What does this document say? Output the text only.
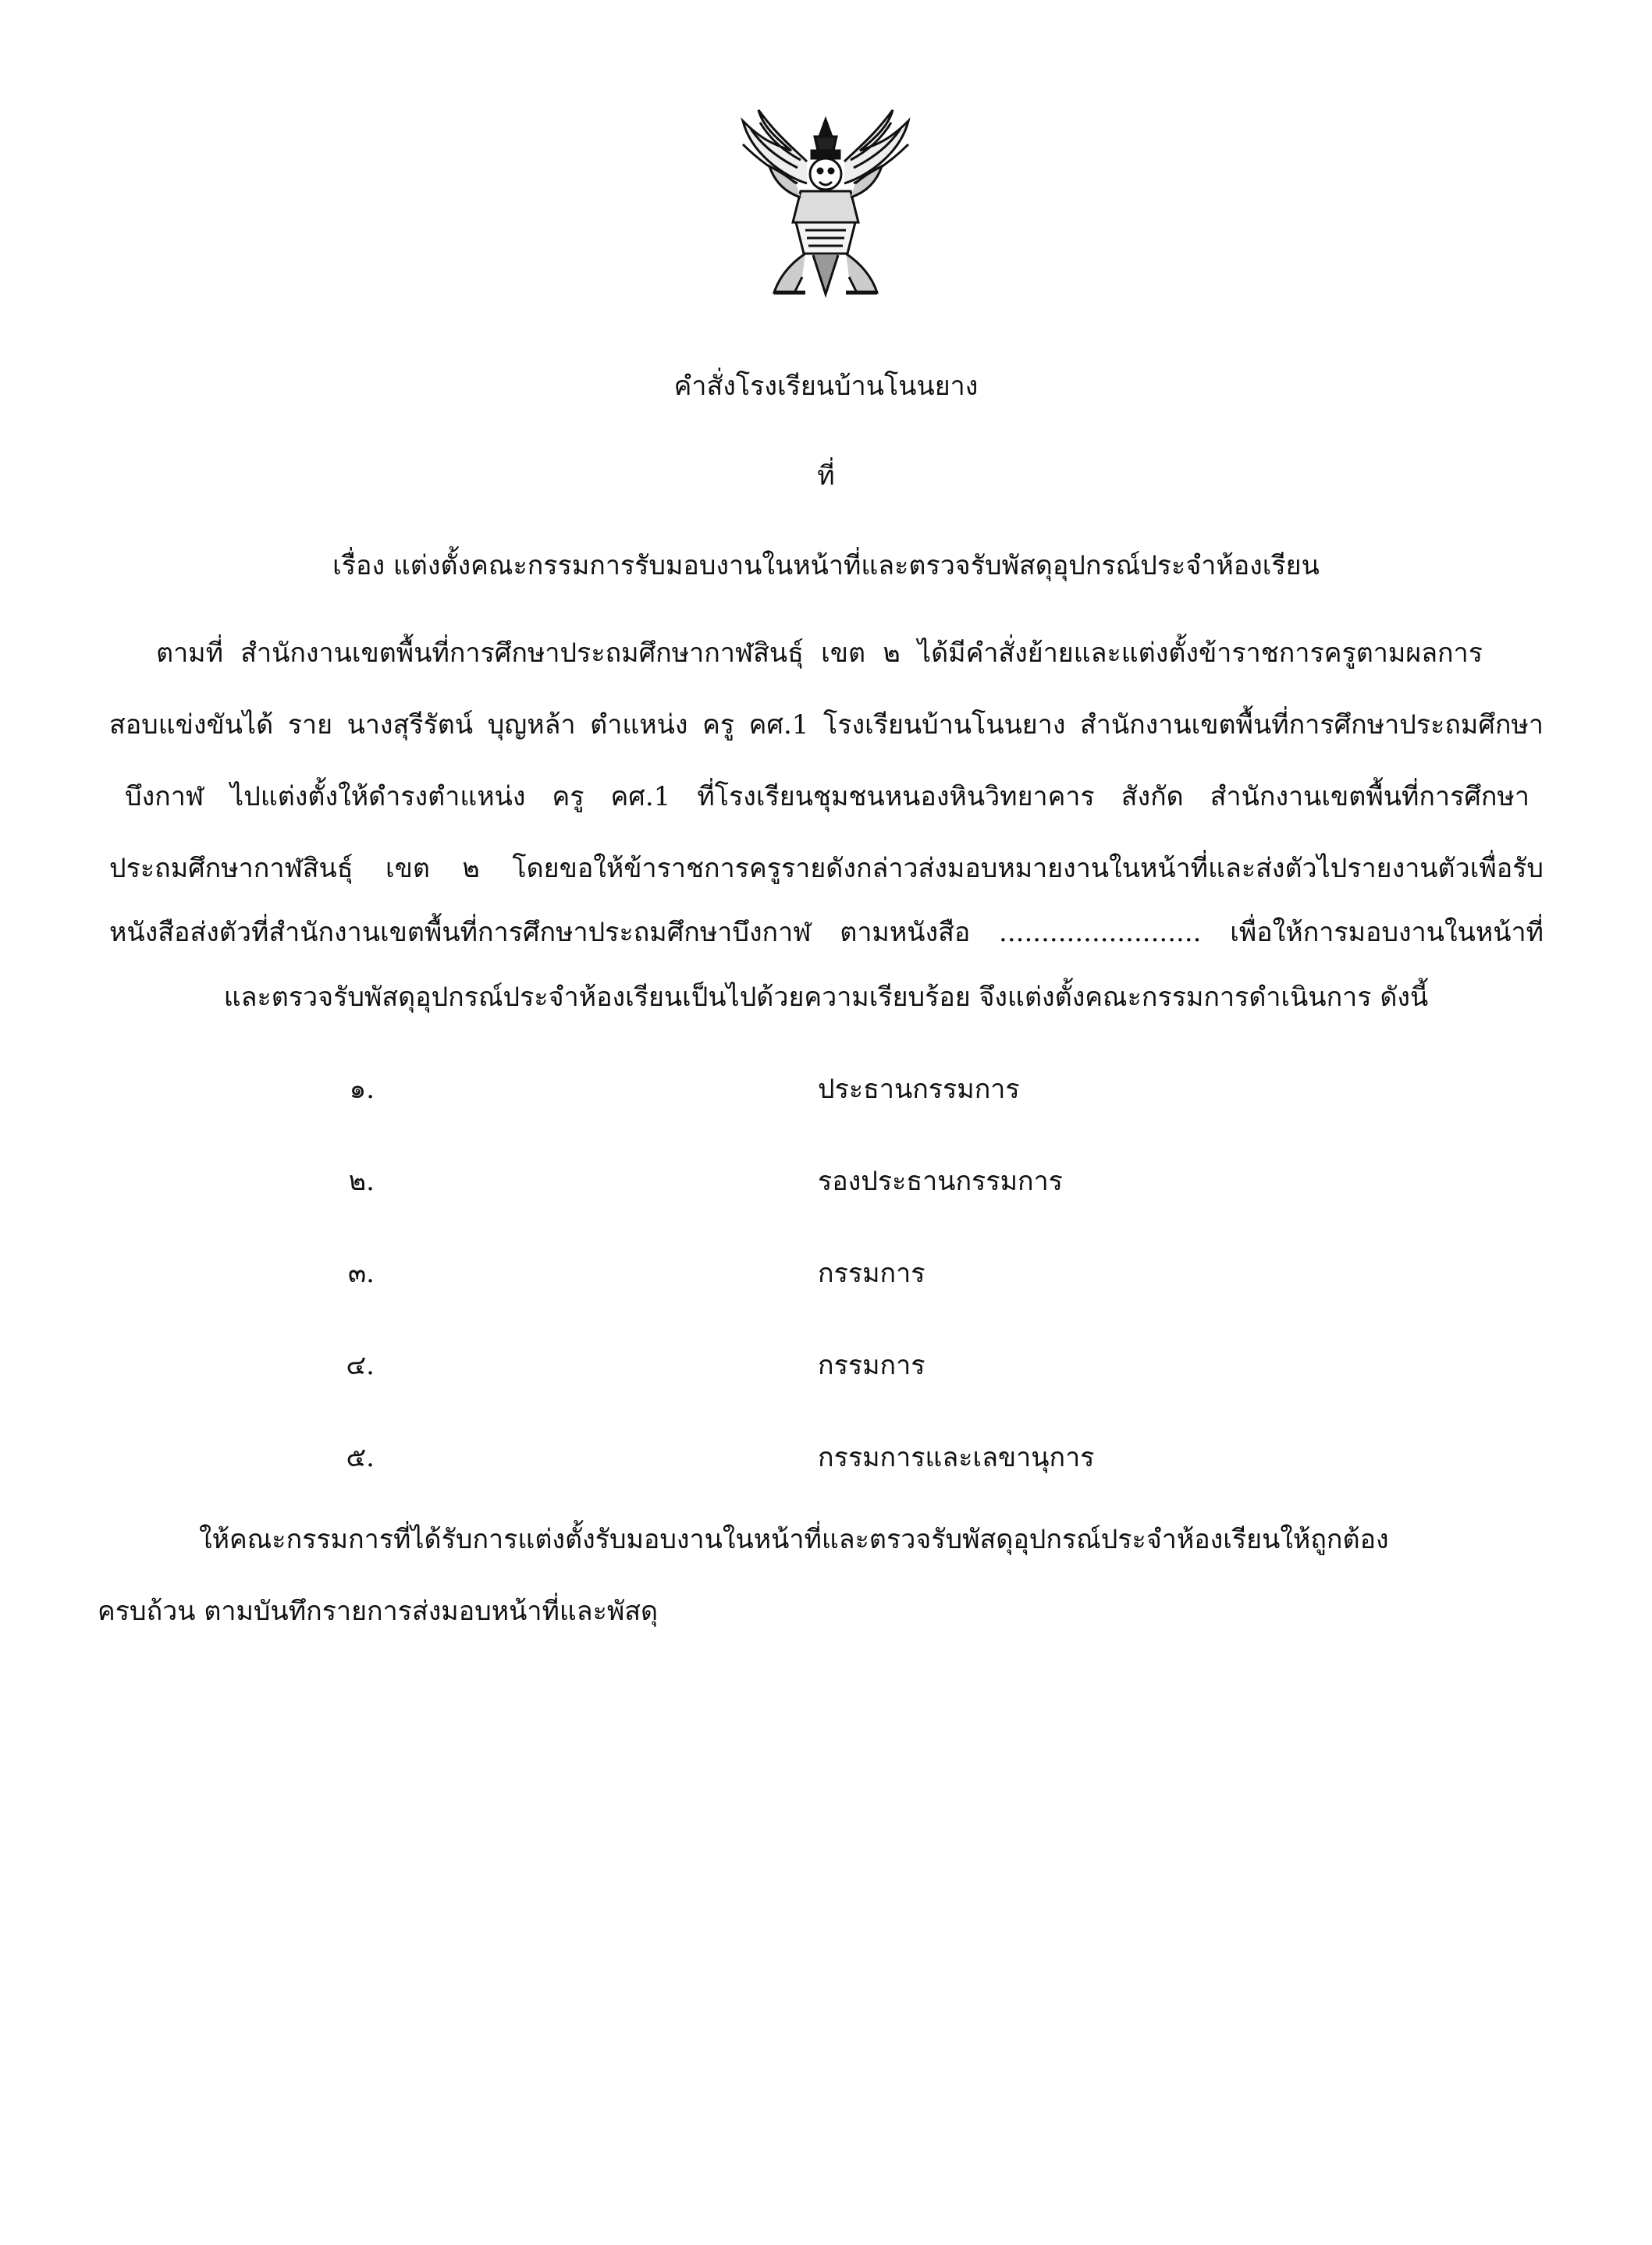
คำสั่งโรงเรียนบ้านโนนยาง
ที่
เรื่อง แต่งตั้งคณะกรรมการรับมอบงานในหน้าที่และตรวจรับพัสดุอุปกรณ์ประจำห้องเรียน
ตามที่ สำนักงานเขตพื้นที่การศึกษาประถมศึกษากาฬสินธุ์ เขต ๒ ได้มีคำสั่งย้ายและแต่งตั้งข้าราชการครูตามผลการ
สอบแข่งขันได้ ราย นางสุรีรัตน์ บุญหล้า ตำแหน่ง ครู คศ.1 โรงเรียนบ้านโนนยาง สำนักงานเขตพื้นที่การศึกษาประถมศึกษา
บึงกาฬ ไปแต่งตั้งให้ดำรงตำแหน่ง ครู คศ.1 ที่โรงเรียนชุมชนหนองหินวิทยาคาร สังกัด สำนักงานเขตพื้นที่การศึกษา
ประถมศึกษากาฬสินธุ์ เขต ๒ โดยขอให้ข้าราชการครูรายดังกล่าวส่งมอบหมายงานในหน้าที่และส่งตัวไปรายงานตัวเพื่อรับ
หนังสือส่งตัวที่สำนักงานเขตพื้นที่การศึกษาประถมศึกษาบึงกาฬ ตามหนังสือ ........................ เพื่อให้การมอบงานในหน้าที่
และตรวจรับพัสดุอุปกรณ์ประจำห้องเรียนเป็นไปด้วยความเรียบร้อย จึงแต่งตั้งคณะกรรมการดำเนินการ ดังนี้
๑.	ประธานกรรมการ
๒.	รองประธานกรรมการ
๓.	กรรมการ
๔.	กรรมการ
๕.	กรรมการและเลขานุการ
ให้คณะกรรมการที่ได้รับการแต่งตั้งรับมอบงานในหน้าที่และตรวจรับพัสดุอุปกรณ์ประจำห้องเรียนให้ถูกต้อง
ครบถ้วน ตามบันทึกรายการส่งมอบหน้าที่และพัสดุ
